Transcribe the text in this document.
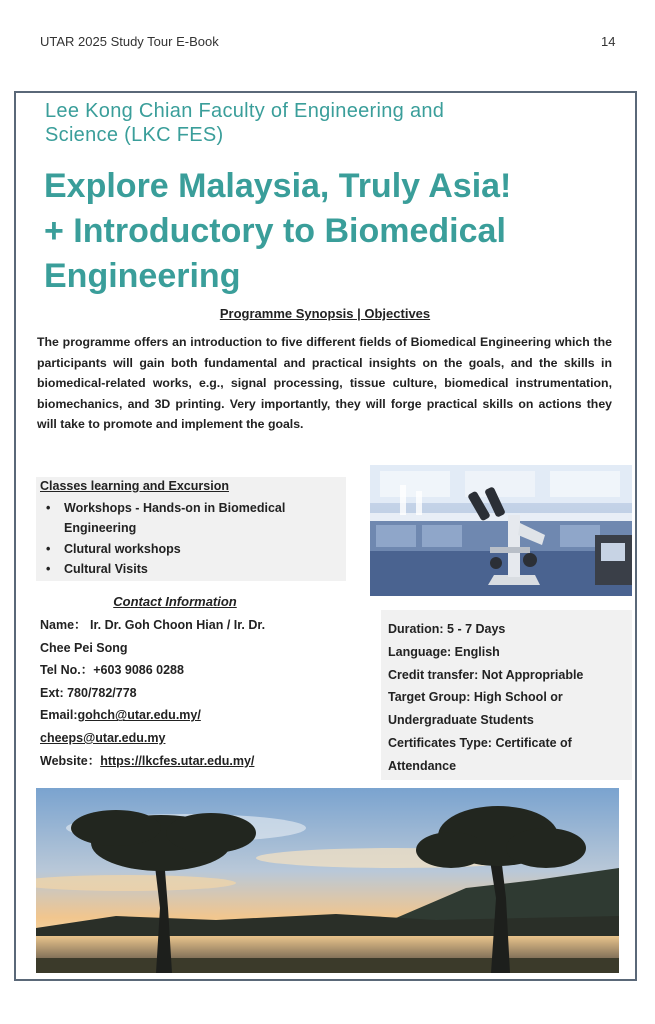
UTAR 2025 Study Tour E-Book	14
Lee Kong Chian Faculty of Engineering and
Science (LKC FES)
Explore Malaysia, Truly Asia!
+ Introductory to Biomedical
Engineering
Programme Synopsis | Objectives
The programme offers an introduction to five different fields of Biomedical Engineering which the participants will gain both fundamental and practical insights on the goals, and the skills in biomedical-related works, e.g., signal processing, tissue culture, biomedical instrumentation, biomechanics, and 3D printing. Very importantly, they will forge practical skills on actions they will take to promote and implement the goals.
Classes learning and Excursion
• Workshops - Hands-on in Biomedical Engineering
• Clutural workshops
• Cultural Visits
Contact Information
Name： Ir. Dr. Goh Choon Hian / Ir. Dr.
Chee Pei Song
Tel No.：+603 9086 0288
Ext: 780/782/778
Email:gohch@utar.edu.my/
cheeps@utar.edu.my
Website：https://lkcfes.utar.edu.my/
Duration: 5 - 7 Days
Language: English
Credit transfer: Not Appropriable
Target Group: High School or
Undergraduate Students
Certificates Type: Certificate of
Attendance
